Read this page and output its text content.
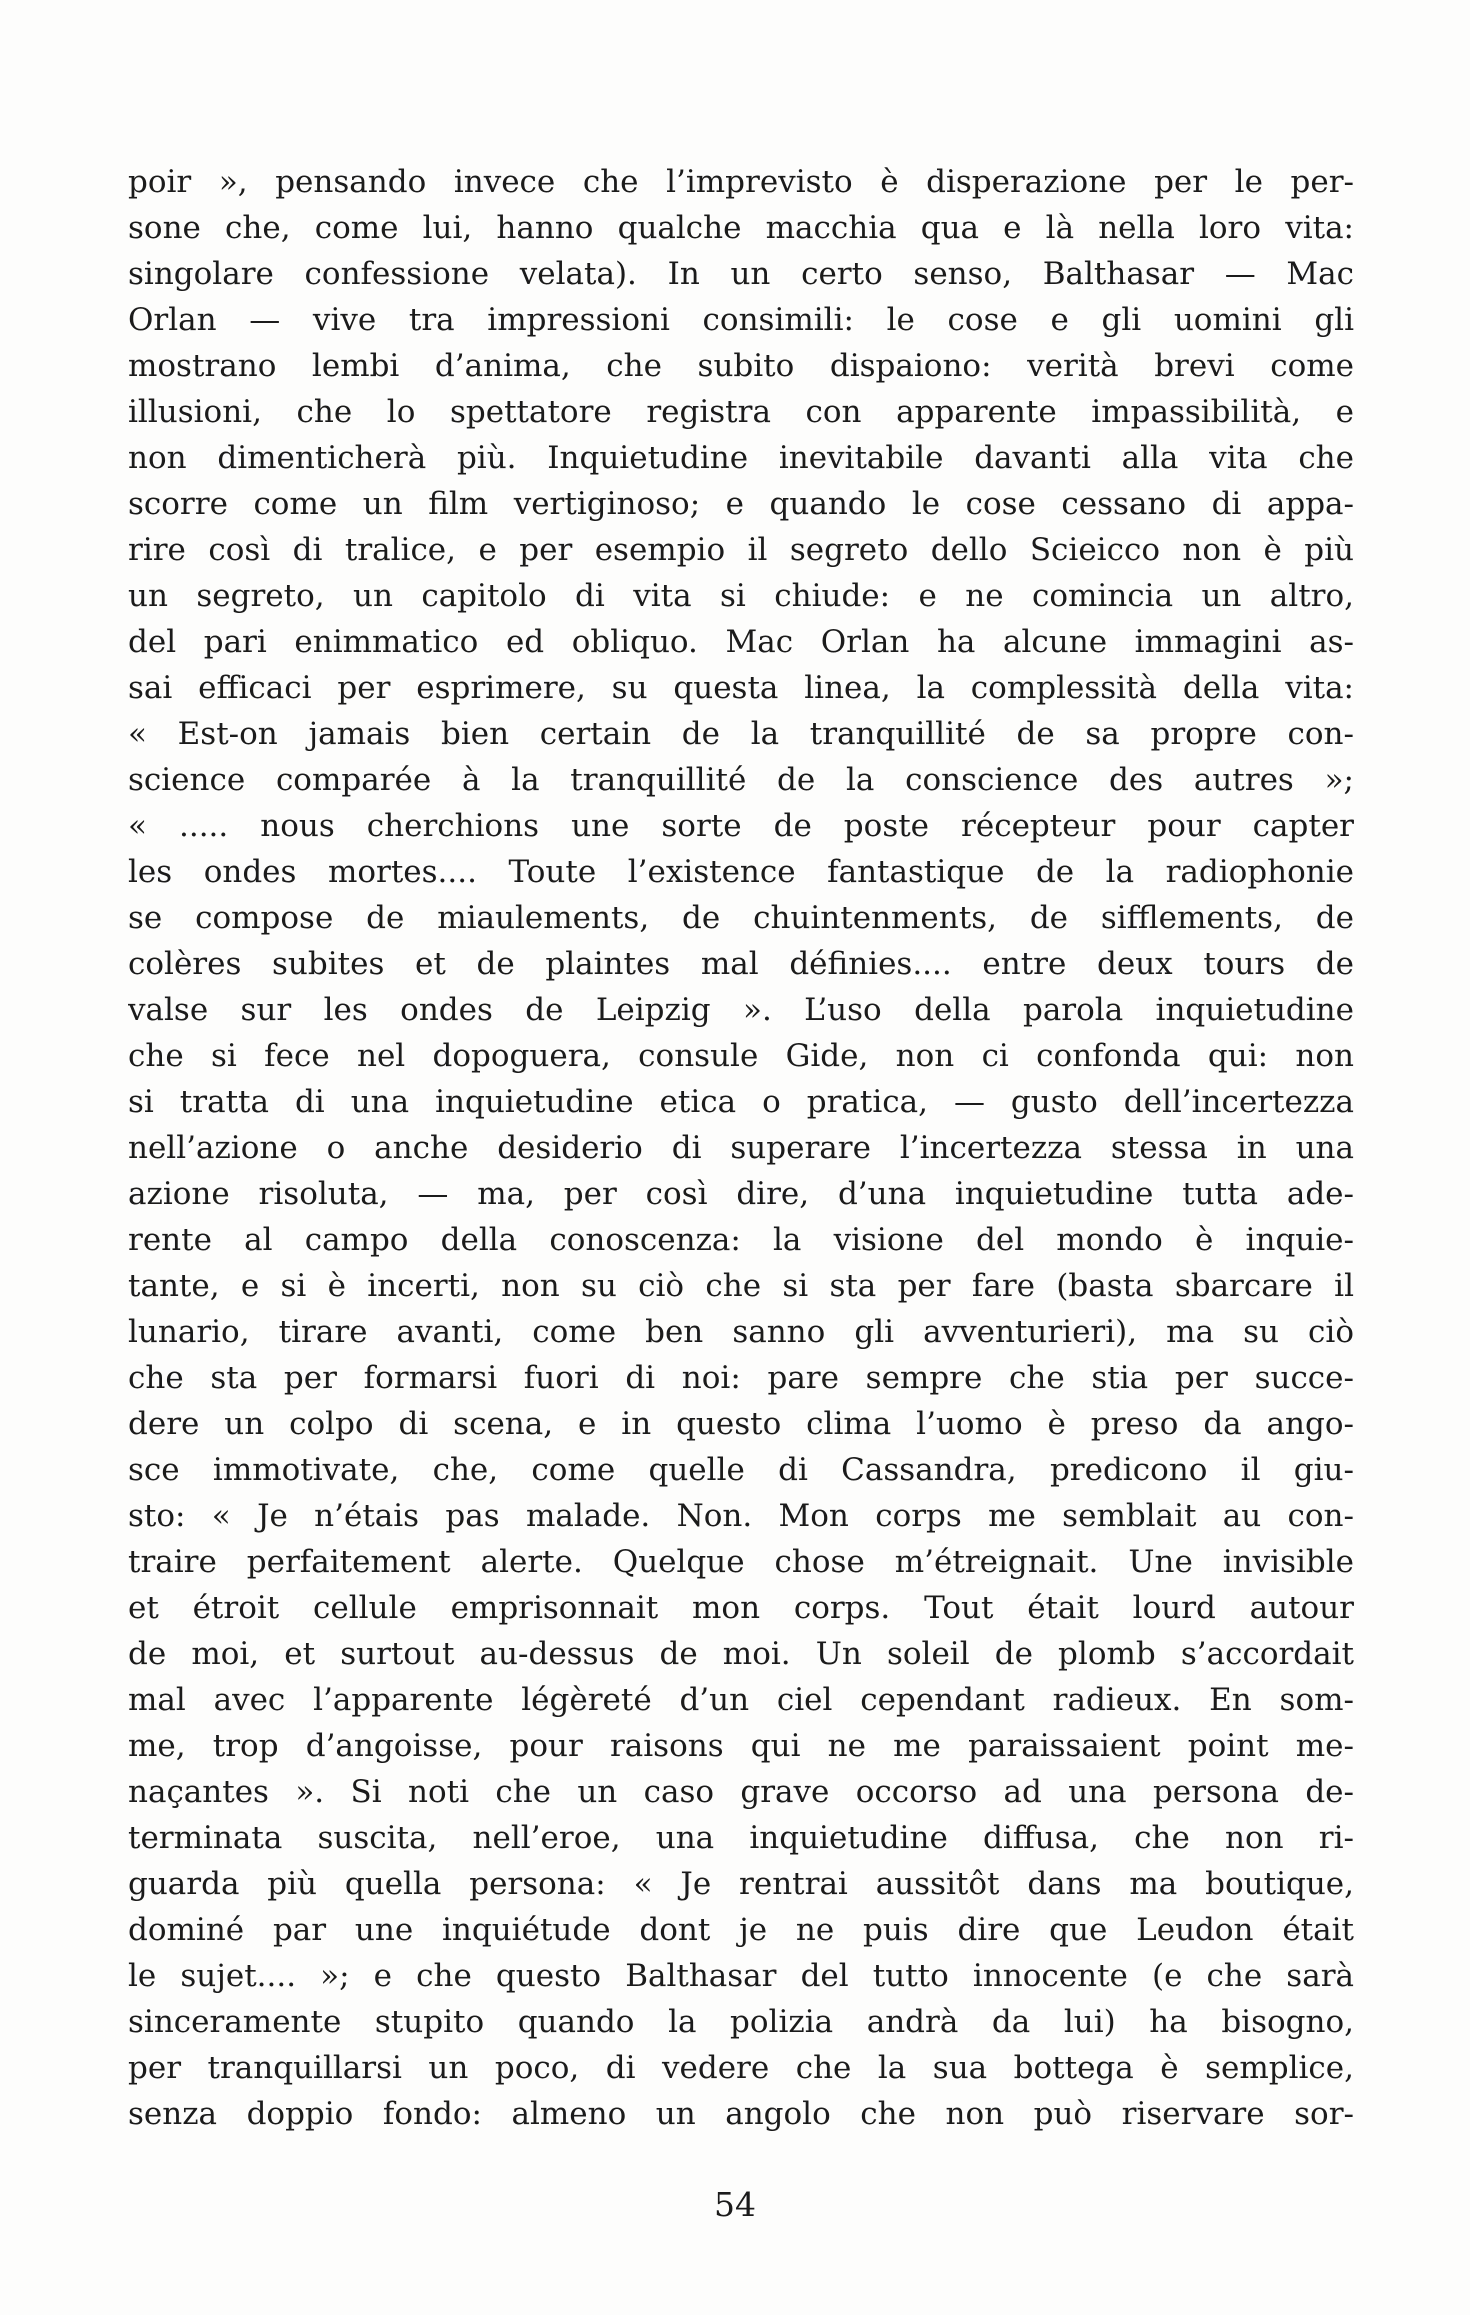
poir », pensando invece che l’imprevisto è disperazione per le per-
sone che, come lui, hanno qualche macchia qua e là nella loro vita:
singolare confessione velata). In un certo senso, Balthasar — Mac
Orlan — vive tra impressioni consimili: le cose e gli uomini gli
mostrano lembi d’anima, che subito dispaiono: verità brevi come
illusioni, che lo spettatore registra con apparente impassibilità, e
non dimenticherà più. Inquietudine inevitabile davanti alla vita che
scorre come un film vertiginoso; e quando le cose cessano di appa-
rire così di tralice, e per esempio il segreto dello Scieicco non è più
un segreto, un capitolo di vita si chiude: e ne comincia un altro,
del pari enimmatico ed obliquo. Mac Orlan ha alcune immagini as-
sai efficaci per esprimere, su questa linea, la complessità della vita:
« Est-on jamais bien certain de la tranquillité de sa propre con-
science comparée à la tranquillité de la conscience des autres »;
« ..... nous cherchions une sorte de poste récepteur pour capter
les ondes mortes.... Toute l’existence fantastique de la radiophonie
se compose de miaulements, de chuintenments, de sifflements, de
colères subites et de plaintes mal définies.... entre deux tours de
valse sur les ondes de Leipzig ». L’uso della parola inquietudine
che si fece nel dopoguera, consule Gide, non ci confonda qui: non
si tratta di una inquietudine etica o pratica, — gusto dell’incertezza
nell’azione o anche desiderio di superare l’incertezza stessa in una
azione risoluta, — ma, per così dire, d’una inquietudine tutta ade-
rente al campo della conoscenza: la visione del mondo è inquie-
tante, e si è incerti, non su ciò che si sta per fare (basta sbarcare il
lunario, tirare avanti, come ben sanno gli avventurieri), ma su ciò
che sta per formarsi fuori di noi: pare sempre che stia per succe-
dere un colpo di scena, e in questo clima l’uomo è preso da ango-
sce immotivate, che, come quelle di Cassandra, predicono il giu-
sto: « Je n’étais pas malade. Non. Mon corps me semblait au con-
traire perfaitement alerte. Quelque chose m’étreignait. Une invisible
et étroit cellule emprisonnait mon corps. Tout était lourd autour
de moi, et surtout au-dessus de moi. Un soleil de plomb s’accordait
mal avec l’apparente légèreté d’un ciel cependant radieux. En som-
me, trop d’angoisse, pour raisons qui ne me paraissaient point me-
naçantes ». Si noti che un caso grave occorso ad una persona de-
terminata suscita, nell’eroe, una inquietudine diffusa, che non ri-
guarda più quella persona: « Je rentrai aussitôt dans ma boutique,
dominé par une inquiétude dont je ne puis dire que Leudon était
le sujet.... »; e che questo Balthasar del tutto innocente (e che sarà
sinceramente stupito quando la polizia andrà da lui) ha bisogno,
per tranquillarsi un poco, di vedere che la sua bottega è semplice,
senza doppio fondo: almeno un angolo che non può riservare sor-
54
